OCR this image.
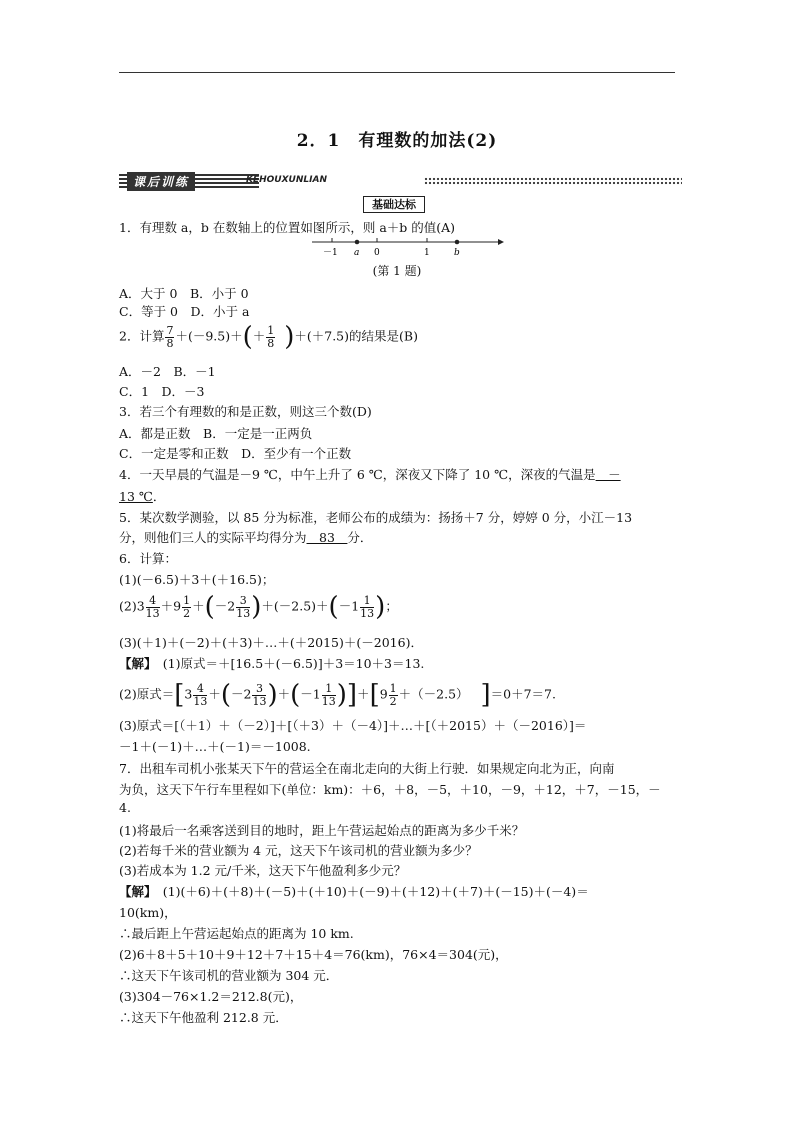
2．1　有理数的加法(2)
课后训练	KEHOUXUNLIAN
基础达标
1．有理数 a，b 在数轴上的位置如图所示，则 a＋b 的值(A)
－1 a 0	1	b
(第 1 题)
A．大于 0　B．小于 0
C．等于 0　D．小于 a
2．计算 $\frac{7}{8} +(-9.5)+(+ \frac{1}{8} )+(+7.5)$的结果是(B)
A．－2　B．－1
C．1　D．－3
3．若三个有理数的和是正数，则这三个数(D)
A．都是正数　B．一定是一正两负
C．一定是零和正数　D．至少有一个正数
4．一天早晨的气温是－9 ℃，中午上升了 6 ℃，深夜又下降了 10 ℃，深夜的气温是　－
13 ℃．
5．某次数学测验，以 85 分为标准，老师公布的成绩为：扬扬＋7 分，婷婷 0 分，小江－13
分，则他们三人的实际平均得分为　83　分．
6．计算：
(1)(－6.5)＋3＋(＋16.5)；
$(2)3 \frac{4}{13} +9 \frac{1}{2} +(-2 \frac{3}{13} )+(-2.5)+(-1 \frac{1}{13}$ )；
(3)(＋1)＋(－2)＋(＋3)＋…＋(＋2015)＋(－2016)．
【解】　(1)原式＝＋[16.5＋(－6.5)]＋3＝10＋3＝13.
(2)原式$=[3 \frac{4}{13} +(-2 \frac{3}{13} )+(-1 \frac{1}{13} )]+[9 \frac{1}{2} +(-2.5)$ ]＝0＋7＝7.
(3)原式＝[（＋1）＋（－2）]＋[（＋3）＋（－4）]＋…＋[（＋2015）＋（－2016）]＝
－1＋(－1)＋…＋(－1)＝－1008.
7．出租车司机小张某天下午的营运全在南北走向的大街上行驶．如果规定向北为正，向南
为负，这天下午行车里程如下(单位：km)：＋6，＋8，－5，＋10，－9，＋12，＋7，－15，－
4.
(1)将最后一名乘客送到目的地时，距上午营运起始点的距离为多少千米？
(2)若每千米的营业额为 4 元，这天下午该司机的营业额为多少？
(3)若成本为 1.2 元/千米，这天下午他盈利多少元？
【解】　(1)(＋6)＋(＋8)＋(－5)＋(＋10)＋(－9)＋(＋12)＋(＋7)＋(－15)＋(－4)＝
10(km)，
∴最后距上午营运起始点的距离为 10 km.
(2)6＋8＋5＋10＋9＋12＋7＋15＋4＝76(km)，76×4＝304(元)，
∴这天下午该司机的营业额为 304 元．
(3)304－76×1.2＝212.8(元)，
∴这天下午他盈利 212.8 元．
